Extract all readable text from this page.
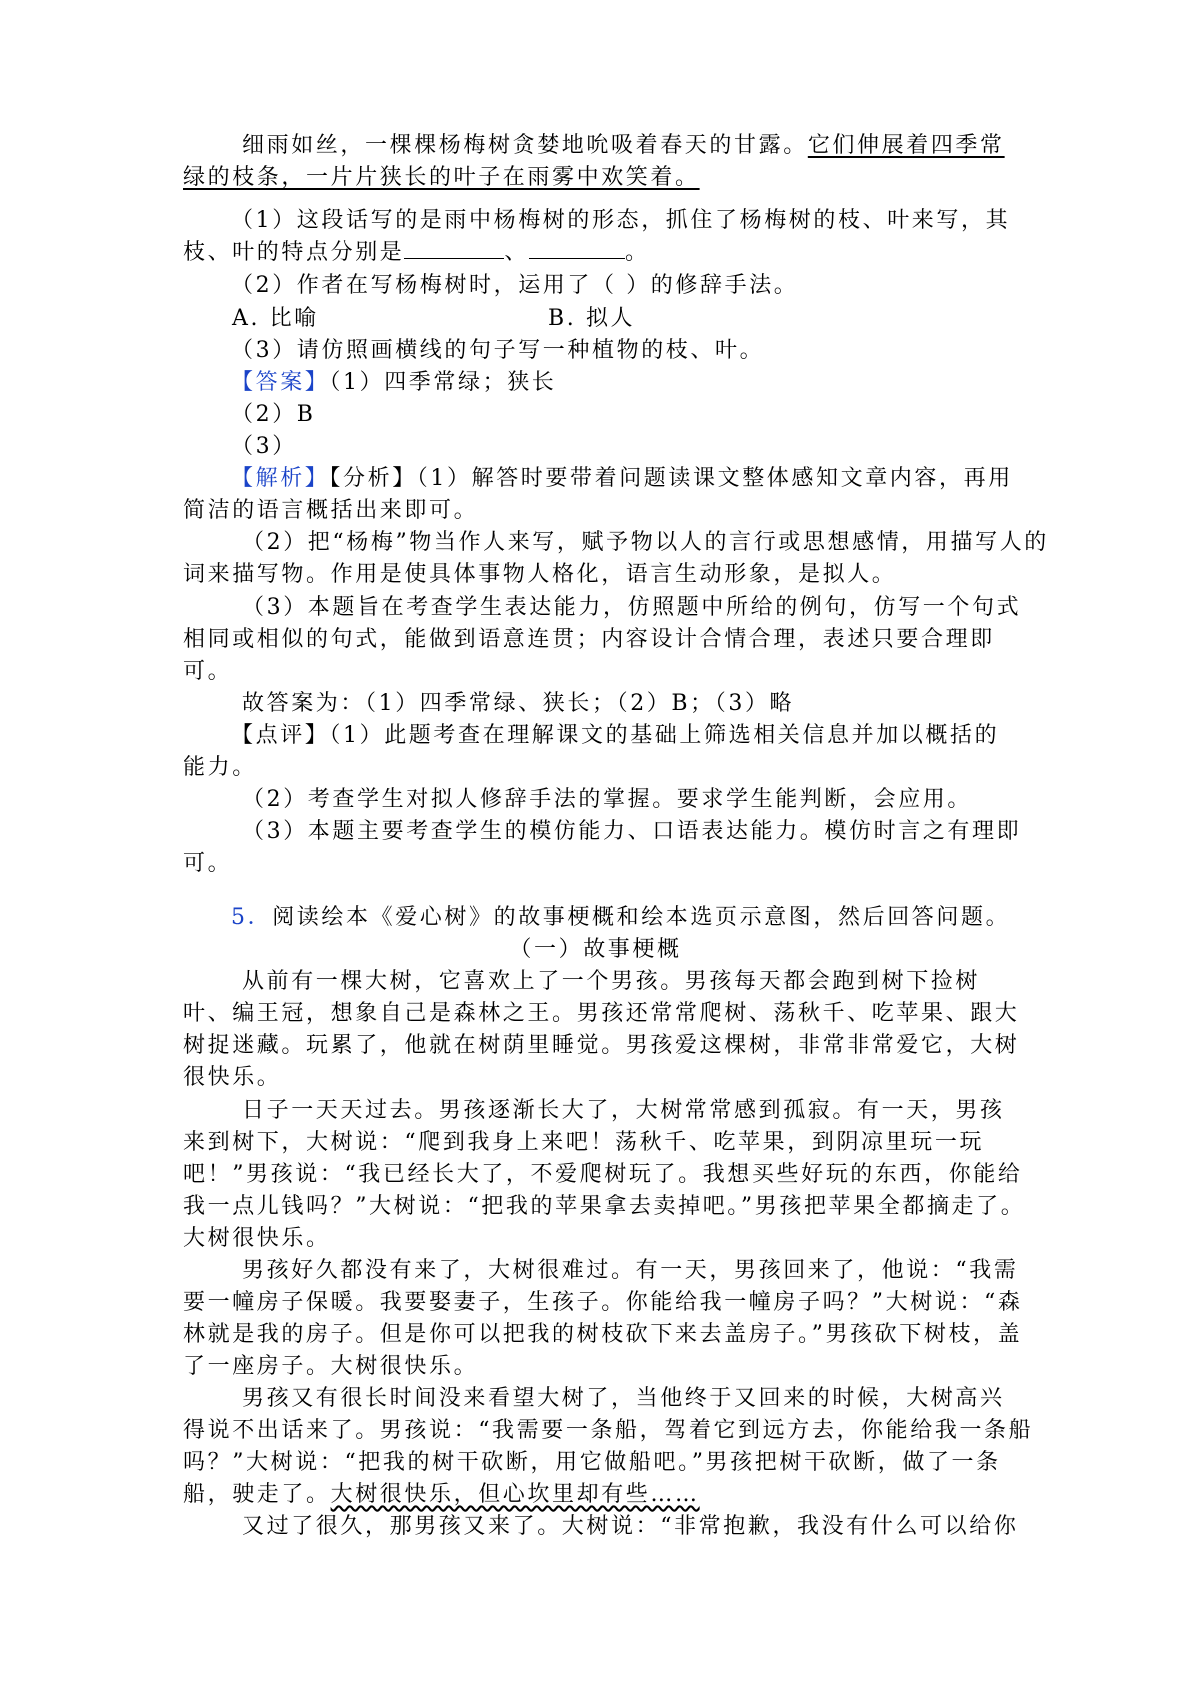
细雨如丝，一棵棵杨梅树贪婪地吮吸着春天的甘露。它们伸展着四季常
绿的枝条，一片片狭长的叶子在雨雾中欢笑着。
（1）这段话写的是雨中杨梅树的形态，抓住了杨梅树的枝、叶来写，其
枝、叶的特点分别是	、	。
（2）作者在写杨梅树时，运用了（ ）的修辞手法。
A. 比喻	B. 拟人
（3）请仿照画横线的句子写一种植物的枝、叶。
【答案】（1）四季常绿；狭长
（2）B
（3）
【解析】【分析】（1）解答时要带着问题读课文整体感知文章内容，再用
简洁的语言概括出来即可。
（2）把“杨梅”物当作人来写，赋予物以人的言行或思想感情，用描写人的
词来描写物。作用是使具体事物人格化，语言生动形象，是拟人。
（3）本题旨在考查学生表达能力，仿照题中所给的例句，仿写一个句式
相同或相似的句式，能做到语意连贯；内容设计合情合理，表述只要合理即
可。
故答案为：（1）四季常绿、狭长；（2）B；（3）略
【点评】（1）此题考查在理解课文的基础上筛选相关信息并加以概括的
能力。
（2）考查学生对拟人修辞手法的掌握。要求学生能判断，会应用。
（3）本题主要考查学生的模仿能力、口语表达能力。模仿时言之有理即
可。
5．阅读绘本《爱心树》的故事梗概和绘本选页示意图，然后回答问题。
（一）故事梗概
从前有一棵大树，它喜欢上了一个男孩。男孩每天都会跑到树下捡树
叶、编王冠，想象自己是森林之王。男孩还常常爬树、荡秋千、吃苹果、跟大
树捉迷藏。玩累了，他就在树荫里睡觉。男孩爱这棵树，非常非常爱它，大树
很快乐。
日子一天天过去。男孩逐渐长大了，大树常常感到孤寂。有一天，男孩
来到树下，大树说：“爬到我身上来吧！荡秋千、吃苹果，到阴凉里玩一玩
吧！”男孩说：“我已经长大了，不爱爬树玩了。我想买些好玩的东西，你能给
我一点儿钱吗？”大树说：“把我的苹果拿去卖掉吧。”男孩把苹果全都摘走了。
大树很快乐。
男孩好久都没有来了，大树很难过。有一天，男孩回来了，他说：“我需
要一幢房子保暖。我要娶妻子，生孩子。你能给我一幢房子吗？”大树说：“森
林就是我的房子。但是你可以把我的树枝砍下来去盖房子。”男孩砍下树枝，盖
了一座房子。大树很快乐。
男孩又有很长时间没来看望大树了，当他终于又回来的时候，大树高兴
得说不出话来了。男孩说：“我需要一条船，驾着它到远方去，你能给我一条船
吗？”大树说：“把我的树干砍断，用它做船吧。”男孩把树干砍断，做了一条
船，驶走了。大树很快乐，但心坎里却有些……
又过了很久，那男孩又来了。大树说：“非常抱歉，我没有什么可以给你
